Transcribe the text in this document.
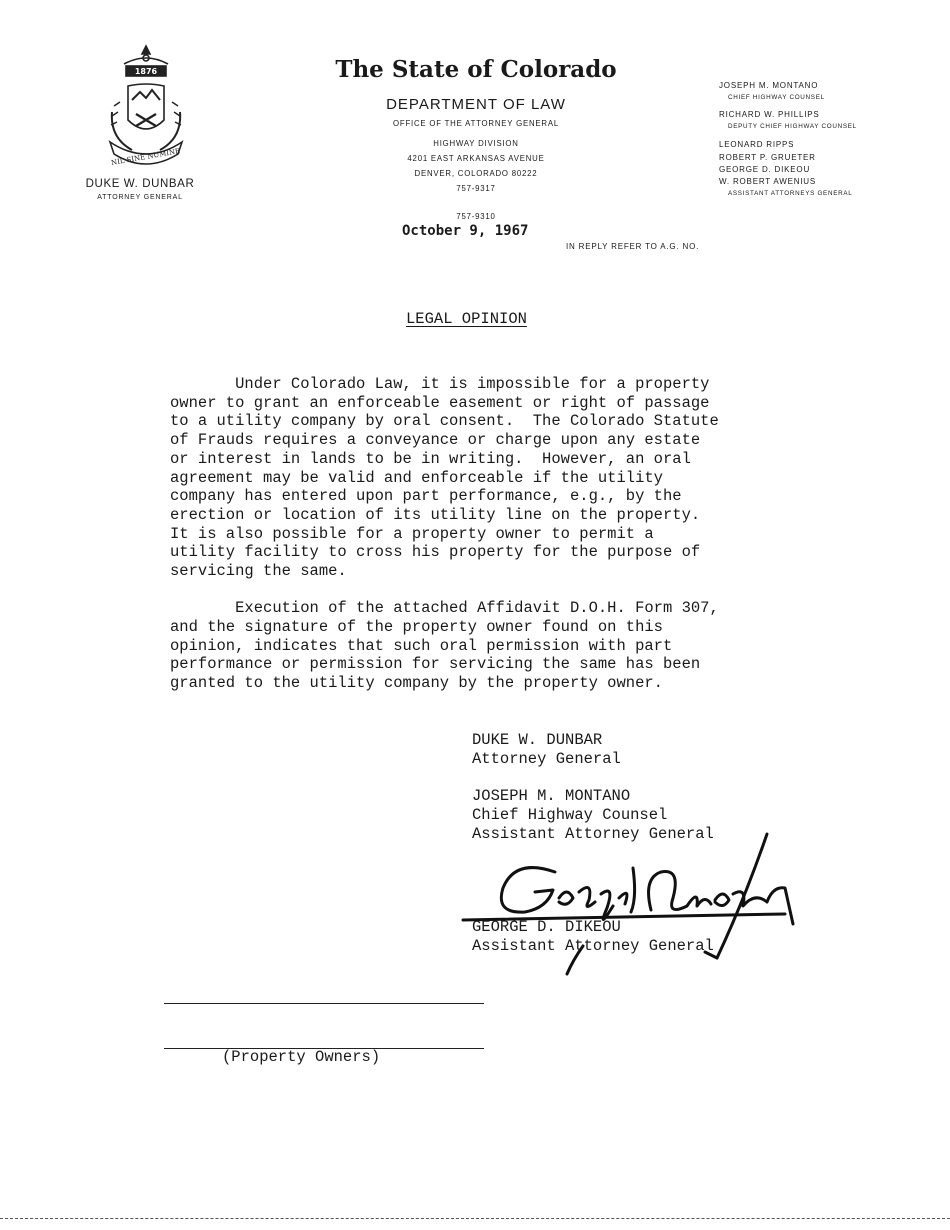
1876
NIL SINE NUMINE
DUKE W. DUNBAR
ATTORNEY GENERAL
The State of Colorado
DEPARTMENT OF LAW
OFFICE OF THE ATTORNEY GENERAL
HIGHWAY DIVISION
4201 EAST ARKANSAS AVENUE
DENVER, COLORADO 80222
757-9317
757-9310
October 9, 1967
IN REPLY REFER TO A.G. NO.
JOSEPH M. MONTANO
CHIEF HIGHWAY COUNSEL
RICHARD W. PHILLIPS
DEPUTY CHIEF HIGHWAY COUNSEL
LEONARD RIPPS
ROBERT P. GRUETER
GEORGE D. DIKEOU
W. ROBERT AWENIUS
ASSISTANT ATTORNEYS GENERAL
LEGAL OPINION
Under Colorado Law, it is impossible for a property
owner to grant an enforceable easement or right of passage
to a utility company by oral consent.  The Colorado Statute
of Frauds requires a conveyance or charge upon any estate
or interest in lands to be in writing.  However, an oral
agreement may be valid and enforceable if the utility
company has entered upon part performance, e.g., by the
erection or location of its utility line on the property.
It is also possible for a property owner to permit a
utility facility to cross his property for the purpose of
servicing the same.
Execution of the attached Affidavit D.O.H. Form 307,
and the signature of the property owner found on this
opinion, indicates that such oral permission with part
performance or permission for servicing the same has been
granted to the utility company by the property owner.
DUKE W. DUNBAR
Attorney General
JOSEPH M. MONTANO
Chief Highway Counsel
Assistant Attorney General
GEORGE D. DIKEOU
Assistant Attorney General
(Property Owners)
